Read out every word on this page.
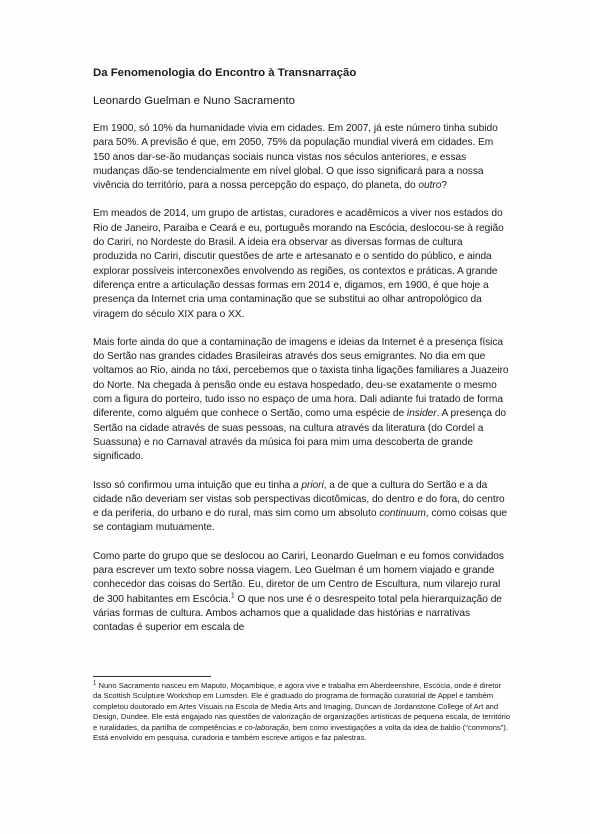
Da Fenomenologia do Encontro à Transnarração
Leonardo Guelman e Nuno Sacramento

Em 1900, só 10% da humanidade vivia em cidades. Em 2007, já este número tinha subido para 50%. A previsão é que, em 2050, 75% da população mundial viverá em cidades. Em 150 anos dar-se-ão mudanças sociais nunca vistas nos séculos anteriores, e essas mudanças dão-se tendencialmente em nível global. O que isso significará para a nossa vivência do território, para a nossa percepção do espaço, do planeta, do outro?

Em meados de 2014, um grupo de artistas, curadores e acadêmicos a viver nos estados do Rio de Janeiro, Paraiba e Ceará e eu, português morando na Escócia, deslocou-se à região do Cariri, no Nordeste do Brasil. A ideia era observar as diversas formas de cultura produzida no Cariri, discutir questões de arte e artesanato e o sentido do público, e ainda explorar possíveis interconexões envolvendo as regiões, os contextos e práticas. A grande diferença entre a articulação dessas formas em 2014 e, digamos, em 1900, é que hoje a presença da Internet cria uma contaminação que se substitui ao olhar antropológico da viragem do século XIX para o XX.

Mais forte ainda do que a contaminação de imagens e ideias da Internet é a presença física do Sertão nas grandes cidades Brasileiras através dos seus emigrantes. No dia em que voltamos ao Rio, ainda no táxi, percebemos que o taxista tinha ligações familiares a Juazeiro do Norte. Na chegada à pensão onde eu estava hospedado, deu-se exatamente o mesmo com a figura do porteiro, tudo isso no espaço de uma hora. Dali adiante fui tratado de forma diferente, como alguém que conhece o Sertão, como uma espécie de insider. A presença do Sertão na cidade através de suas pessoas, na cultura através da literatura (do Cordel a Suassuna) e no Carnaval através da música foi para mim uma descoberta de grande significado.

Isso só confirmou uma intuição que eu tinha a priori, a de que a cultura do Sertão e a da cidade não deveriam ser vistas sob perspectivas dicotômicas, do dentro e do fora, do centro e da periferia, do urbano e do rural, mas sim como um absoluto continuum, como coisas que se contagiam mutuamente.

Como parte do grupo que se deslocou ao Cariri, Leonardo Guelman e eu fomos convidados para escrever um texto sobre nossa viagem. Leo Guelman é um homem viajado e grande conhecedor das coisas do Sertão. Eu, diretor de um Centro de Escultura, num vilarejo rural de 300 habitantes em Escócia.$^1$ O que nos une é o desrespeito total pela hierarquização de várias formas de cultura. Ambos achamos que a qualidade das histórias e narrativas contadas é superior em escala de

$^1$ Nuno Sacramento nasceu em Maputo, Moçambique, e agora vive e trabalha em Aberdeenshire, Escócia, onde é diretor da Scottish Sculpture Workshop em Lumsden. Ele é graduado do programa de formação curatorial de Appel e também completou doutorado em Artes Visuais na Escola de Media Arts and Imaging, Duncan de Jordanstone College of Art and Design, Dundee. Ele está engajado nas questões de valorização de organizações artísticas de pequena escala, de território e ruralidades, da partilha de competências e co-laboração, bem como investigações a volta da idea de baldio (“commons”). Está envolvido em pesquisa, curadoria e também escreve artigos e faz palestras.
